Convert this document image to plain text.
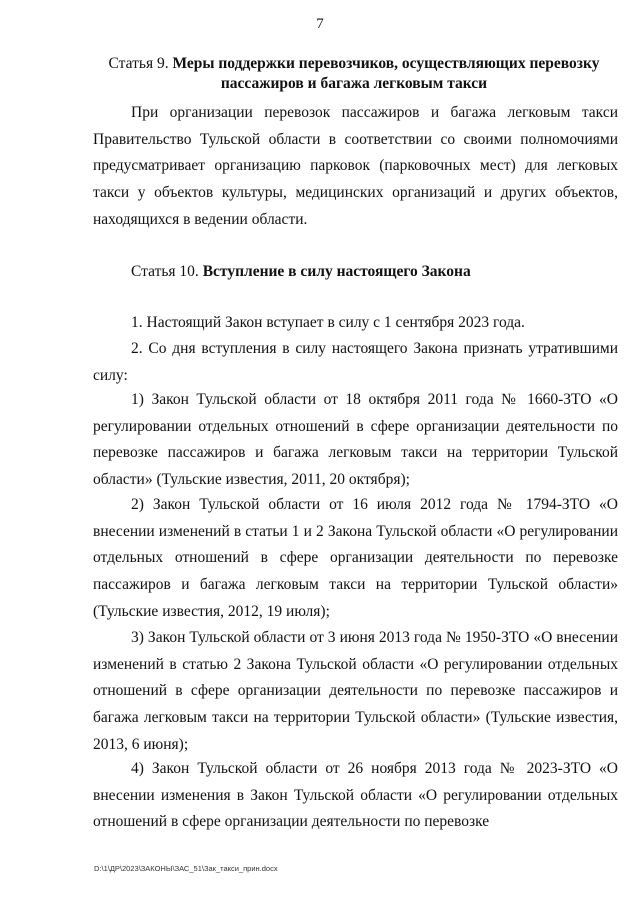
7
Статья 9. Меры поддержки перевозчиков, осуществляющих перевозку пассажиров и багажа легковым такси
При организации перевозок пассажиров и багажа легковым такси Правительство Тульской области в соответствии со своими полномочиями предусматривает организацию парковок (парковочных мест) для легковых такси у объектов культуры, медицинских организаций и других объектов, находящихся в ведении области.
Статья 10. Вступление в силу настоящего Закона
1. Настоящий Закон вступает в силу с 1 сентября 2023 года.
2. Со дня вступления в силу настоящего Закона признать утратившими силу:
1) Закон Тульской области от 18 октября 2011 года № 1660-ЗТО «О регулировании отдельных отношений в сфере организации деятельности по перевозке пассажиров и багажа легковым такси на территории Тульской области» (Тульские известия, 2011, 20 октября);
2) Закон Тульской области от 16 июля 2012 года № 1794-ЗТО «О внесении изменений в статьи 1 и 2 Закона Тульской области «О регулировании отдельных отношений в сфере организации деятельности по перевозке пассажиров и багажа легковым такси на территории Тульской области» (Тульские известия, 2012, 19 июля);
3) Закон Тульской области от 3 июня 2013 года № 1950-ЗТО «О внесении изменений в статью 2 Закона Тульской области «О регулировании отдельных отношений в сфере организации деятельности по перевозке пассажиров и багажа легковым такси на территории Тульской области» (Тульские известия, 2013, 6 июня);
4) Закон Тульской области от 26 ноября 2013 года № 2023-ЗТО «О внесении изменения в Закон Тульской области «О регулировании отдельных отношений в сфере организации деятельности по перевозке
D:\1\ДР\2023\ЗАКОНЫ\ЗАС_51\Зак_такси_прин.docx
